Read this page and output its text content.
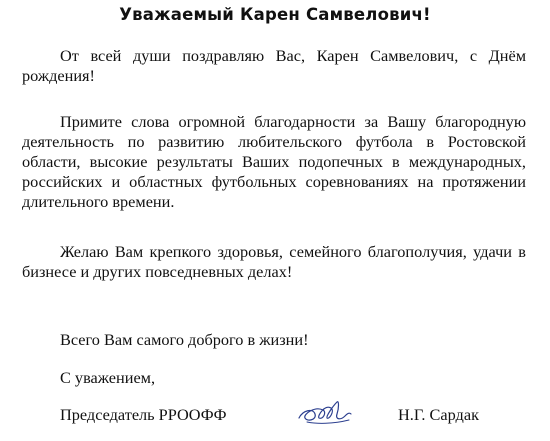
Уважаемый Карен Самвелович!

От всей души поздравляю Вас, Карен Самвелович, с Днём рождения!

Примите слова огромной благодарности за Вашу благородную деятельность по развитию любительского футбола в Ростовской области, высокие результаты Ваших подопечных в международных, российских и областных футбольных соревнованиях на протяжении длительного времени.

Желаю Вам крепкого здоровья, семейного благополучия, удачи в бизнесе и других повседневных делах!

Всего Вам самого доброго в жизни!

С уважением,

Председатель РРООФФ	Н.Г. Сардак
